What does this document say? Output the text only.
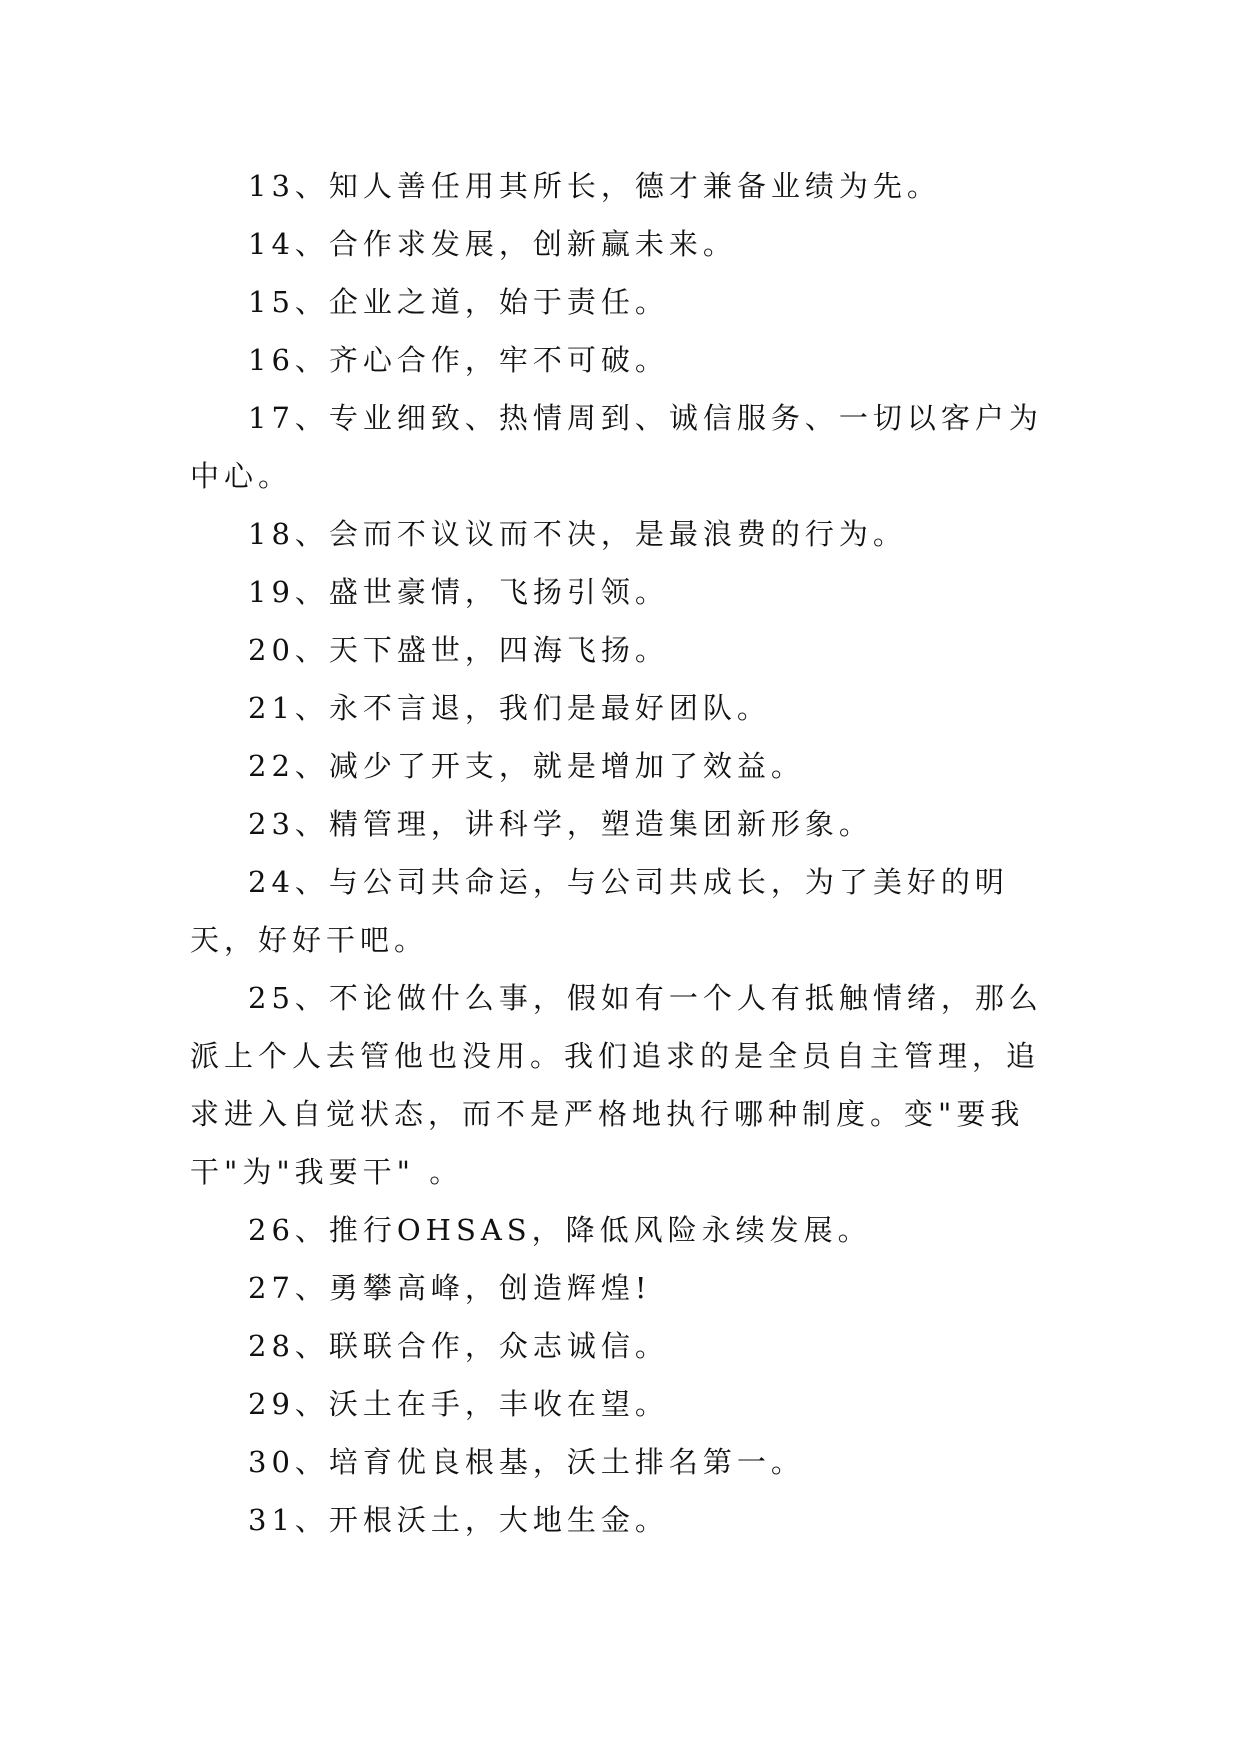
13、知人善任用其所长，德才兼备业绩为先。

14、合作求发展，创新赢未来。

15、企业之道，始于责任。

16、齐心合作，牢不可破。

17、专业细致、热情周到、诚信服务、一切以客户为中心。

18、会而不议议而不决，是最浪费的行为。

19、盛世豪情，飞扬引领。

20、天下盛世，四海飞扬。

21、永不言退，我们是最好团队。

22、减少了开支，就是增加了效益。

23、精管理，讲科学，塑造集团新形象。

24、与公司共命运，与公司共成长，为了美好的明天，好好干吧。

25、不论做什么事，假如有一个人有抵触情绪，那么派上个人去管他也没用。我们追求的是全员自主管理，追求进入自觉状态，而不是严格地执行哪种制度。变"要我干"为"我要干" 。

26、推行OHSAS，降低风险永续发展。

27、勇攀高峰，创造辉煌!

28、联联合作，众志诚信。

29、沃土在手，丰收在望。

30、培育优良根基，沃土排名第一。

31、开根沃土，大地生金。
